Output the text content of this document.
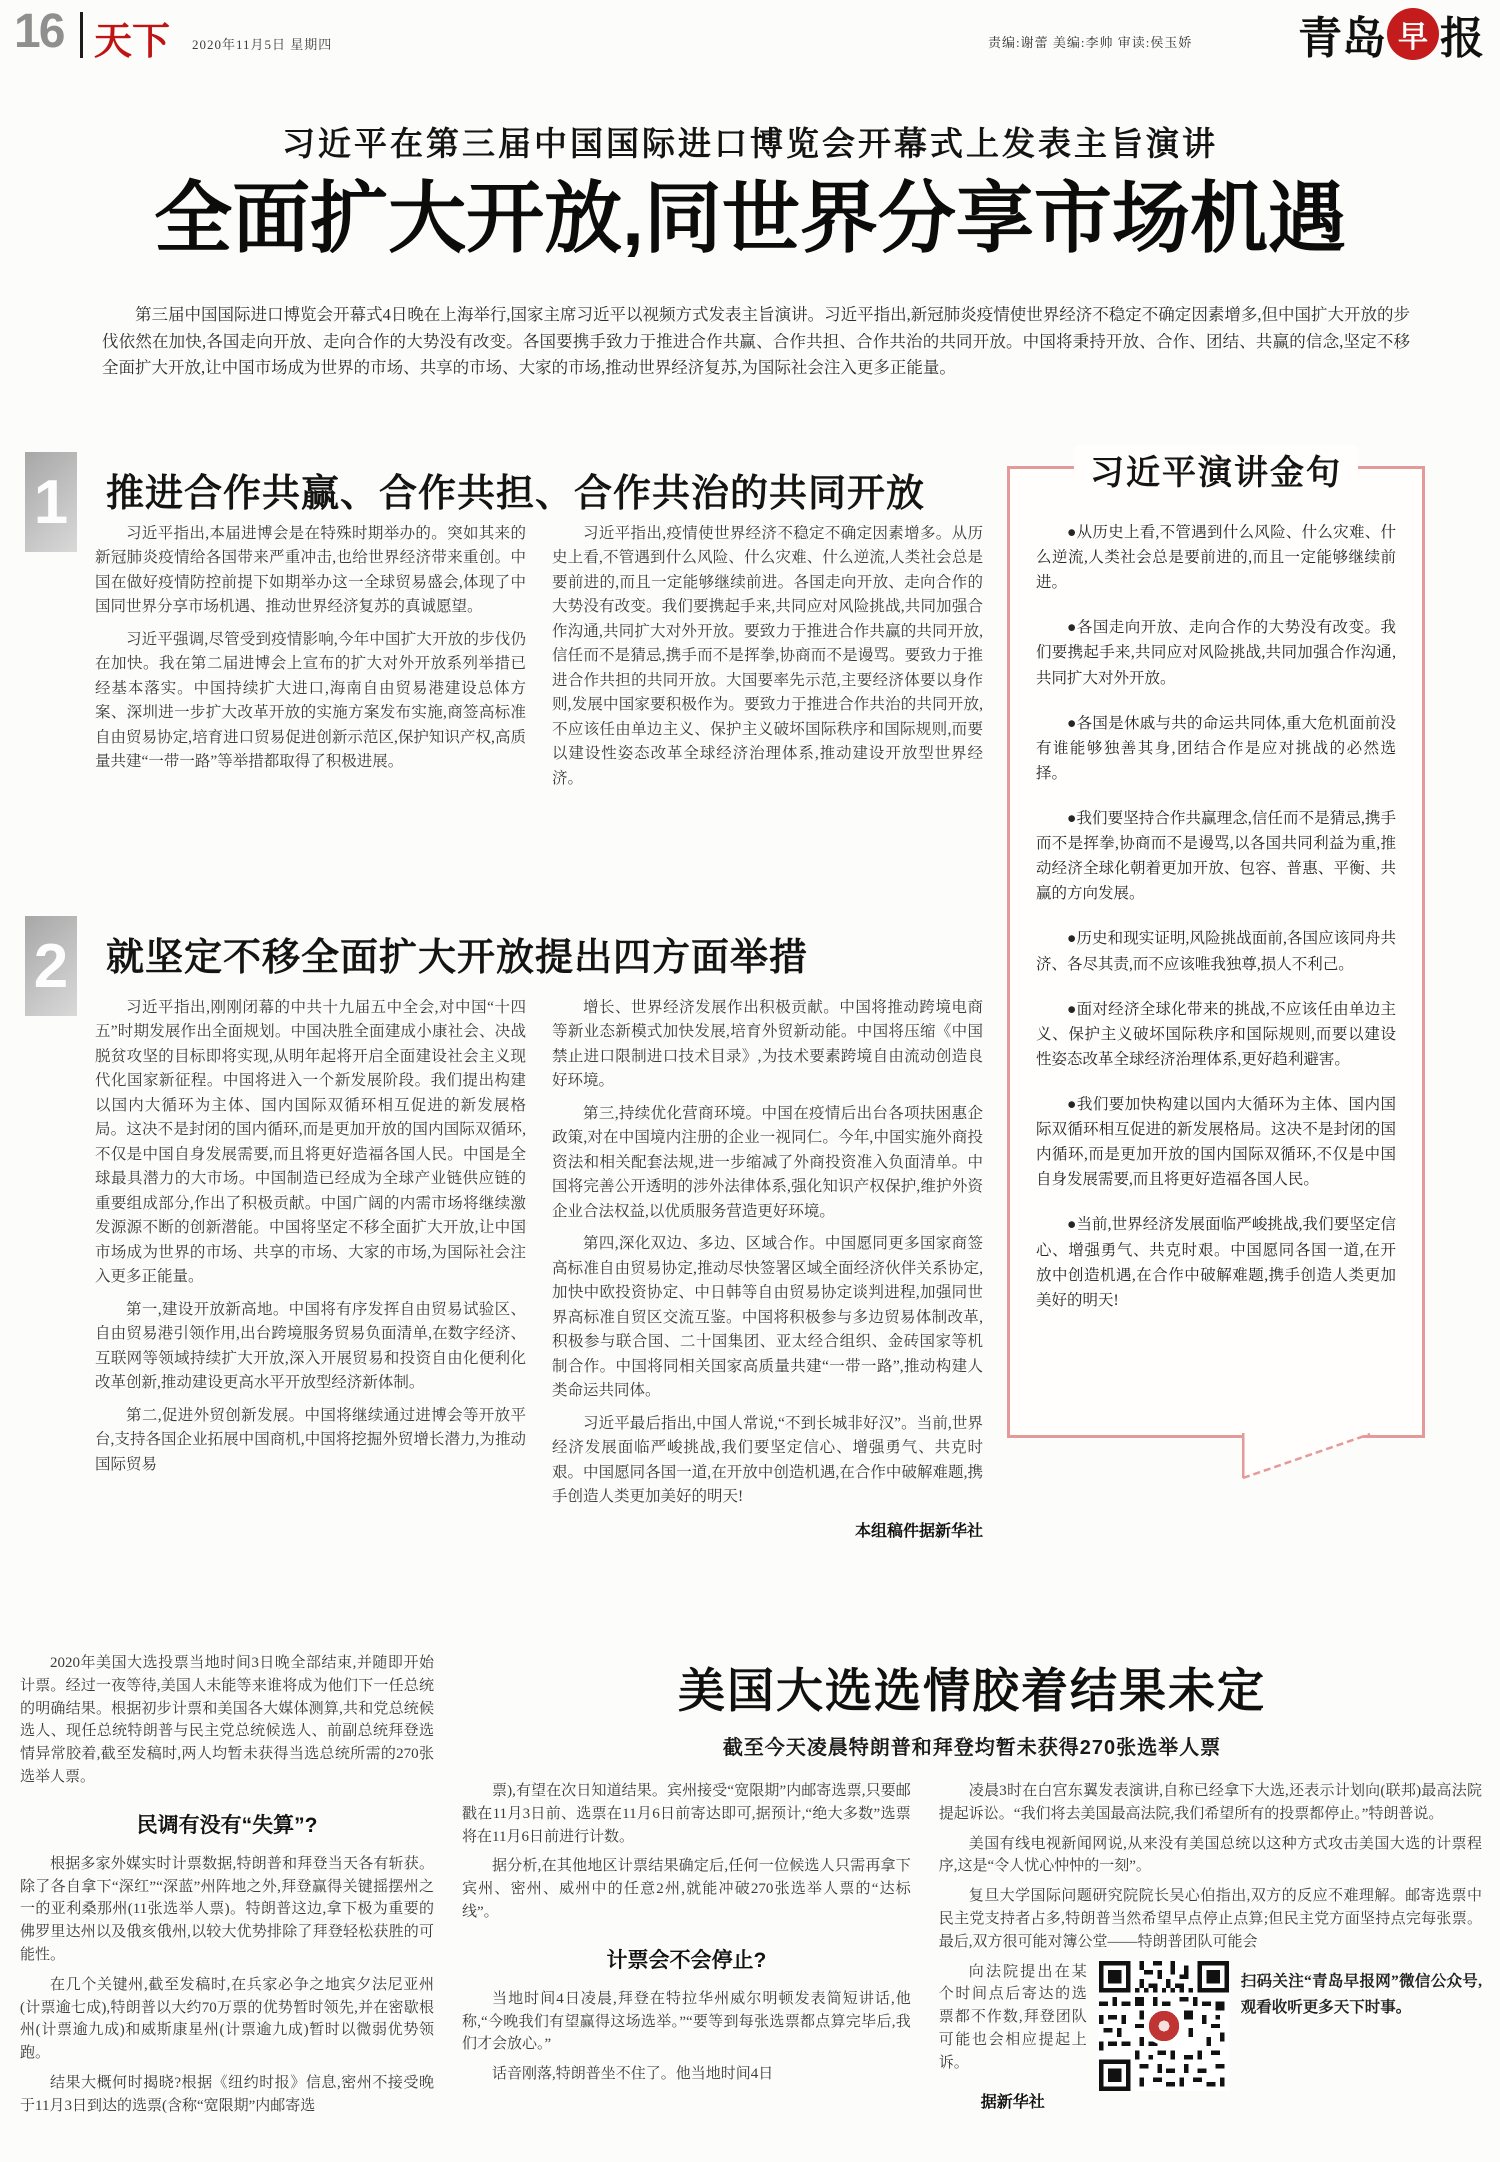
16 天下 2020年11月5日 星期四	责编:谢蕾 美编:李帅 审读:侯玉娇 青岛 早 报
习近平在第三届中国国际进口博览会开幕式上发表主旨演讲
全面扩大开放,同世界分享市场机遇
第三届中国国际进口博览会开幕式4日晚在上海举行,国家主席习近平以视频方式发表主旨演讲。习近平指出,新冠肺炎疫情使世界经济不稳定不确定因素增多,但中国扩大开放的步伐依然在加快,各国走向开放、走向合作的大势没有改变。各国要携手致力于推进合作共赢、合作共担、合作共治的共同开放。中国将秉持开放、合作、团结、共赢的信念,坚定不移全面扩大开放,让中国市场成为世界的市场、共享的市场、大家的市场,推动世界经济复苏,为国际社会注入更多正能量。
1 推进合作共赢、合作共担、合作共治的共同开放

习近平指出,本届进博会是在特殊时期举办的。突如其来的新冠肺炎疫情给各国带来严重冲击,也给世界经济带来重创。中国在做好疫情防控前提下如期举办这一全球贸易盛会,体现了中国同世界分享市场机遇、推动世界经济复苏的真诚愿望。

习近平强调,尽管受到疫情影响,今年中国扩大开放的步伐仍在加快。我在第二届进博会上宣布的扩大对外开放系列举措已经基本落实。中国持续扩大进口,海南自由贸易港建设总体方案、深圳进一步扩大改革开放的实施方案发布实施,商签高标准自由贸易协定,培育进口贸易促进创新示范区,保护知识产权,高质量共建“一带一路”等举措都取得了积极进展。

习近平指出,疫情使世界经济不稳定不确定因素增多。从历史上看,不管遇到什么风险、什么灾难、什么逆流,人类社会总是要前进的,而且一定能够继续前进。各国走向开放、走向合作的大势没有改变。我们要携起手来,共同应对风险挑战,共同加强合作沟通,共同扩大对外开放。要致力于推进合作共赢的共同开放,信任而不是猜忌,携手而不是挥拳,协商而不是谩骂。要致力于推进合作共担的共同开放。大国要率先示范,主要经济体要以身作则,发展中国家要积极作为。要致力于推进合作共治的共同开放,不应该任由单边主义、保护主义破坏国际秩序和国际规则,而要以建设性姿态改革全球经济治理体系,推动建设开放型世界经济。

2 就坚定不移全面扩大开放提出四方面举措

习近平指出,刚刚闭幕的中共十九届五中全会,对中国“十四五”时期发展作出全面规划。中国决胜全面建成小康社会、决战脱贫攻坚的目标即将实现,从明年起将开启全面建设社会主义现代化国家新征程。中国将进入一个新发展阶段。我们提出构建以国内大循环为主体、国内国际双循环相互促进的新发展格局。这决不是封闭的国内循环,而是更加开放的国内国际双循环,不仅是中国自身发展需要,而且将更好造福各国人民。中国是全球最具潜力的大市场。中国制造已经成为全球产业链供应链的重要组成部分,作出了积极贡献。中国广阔的内需市场将继续激发源源不断的创新潜能。中国将坚定不移全面扩大开放,让中国市场成为世界的市场、共享的市场、大家的市场,为国际社会注入更多正能量。

第一,建设开放新高地。中国将有序发挥自由贸易试验区、自由贸易港引领作用,出台跨境服务贸易负面清单,在数字经济、互联网等领域持续扩大开放,深入开展贸易和投资自由化便利化改革创新,推动建设更高水平开放型经济新体制。

第二,促进外贸创新发展。中国将继续通过进博会等开放平台,支持各国企业拓展中国商机,中国将挖掘外贸增长潜力,为推动国际贸易

增长、世界经济发展作出积极贡献。中国将推动跨境电商等新业态新模式加快发展,培育外贸新动能。中国将压缩《中国禁止进口限制进口技术目录》,为技术要素跨境自由流动创造良好环境。

第三,持续优化营商环境。中国在疫情后出台各项扶困惠企政策,对在中国境内注册的企业一视同仁。今年,中国实施外商投资法和相关配套法规,进一步缩减了外商投资准入负面清单。中国将完善公开透明的涉外法律体系,强化知识产权保护,维护外资企业合法权益,以优质服务营造更好环境。

第四,深化双边、多边、区域合作。中国愿同更多国家商签高标准自由贸易协定,推动尽快签署区域全面经济伙伴关系协定,加快中欧投资协定、中日韩等自由贸易协定谈判进程,加强同世界高标准自贸区交流互鉴。中国将积极参与多边贸易体制改革,积极参与联合国、二十国集团、亚太经合组织、金砖国家等机制合作。中国将同相关国家高质量共建“一带一路”,推动构建人类命运共同体。

习近平最后指出,中国人常说,“不到长城非好汉”。当前,世界经济发展面临严峻挑战,我们要坚定信心、增强勇气、共克时艰。中国愿同各国一道,在开放中创造机遇,在合作中破解难题,携手创造人类更加美好的明天!

本组稿件据新华社
习近平演讲金句

●从历史上看,不管遇到什么风险、什么灾难、什么逆流,人类社会总是要前进的,而且一定能够继续前进。

●各国走向开放、走向合作的大势没有改变。我们要携起手来,共同应对风险挑战,共同加强合作沟通,共同扩大对外开放。

●各国是休戚与共的命运共同体,重大危机面前没有谁能够独善其身,团结合作是应对挑战的必然选择。

●我们要坚持合作共赢理念,信任而不是猜忌,携手而不是挥拳,协商而不是谩骂,以各国共同利益为重,推动经济全球化朝着更加开放、包容、普惠、平衡、共赢的方向发展。

●历史和现实证明,风险挑战面前,各国应该同舟共济、各尽其责,而不应该唯我独尊,损人不利己。

●面对经济全球化带来的挑战,不应该任由单边主义、保护主义破坏国际秩序和国际规则,而要以建设性姿态改革全球经济治理体系,更好趋利避害。

●我们要加快构建以国内大循环为主体、国内国际双循环相互促进的新发展格局。这决不是封闭的国内循环,而是更加开放的国内国际双循环,不仅是中国自身发展需要,而且将更好造福各国人民。

●当前,世界经济发展面临严峻挑战,我们要坚定信心、增强勇气、共克时艰。中国愿同各国一道,在开放中创造机遇,在合作中破解难题,携手创造人类更加美好的明天!

2020年美国大选投票当地时间3日晚全部结束,并随即开始计票。经过一夜等待,美国人未能等来谁将成为他们下一任总统的明确结果。根据初步计票和美国各大媒体测算,共和党总统候选人、现任总统特朗普与民主党总统候选人、前副总统拜登选情异常胶着,截至发稿时,两人均暂未获得当选总统所需的270张选举人票。

民调有没有“失算”?

根据多家外媒实时计票数据,特朗普和拜登当天各有斩获。除了各自拿下“深红”“深蓝”州阵地之外,拜登赢得关键摇摆州之一的亚利桑那州(11张选举人票)。特朗普这边,拿下极为重要的佛罗里达州以及俄亥俄州,以较大优势排除了拜登轻松获胜的可能性。

在几个关键州,截至发稿时,在兵家必争之地宾夕法尼亚州(计票逾七成),特朗普以大约70万票的优势暂时领先,并在密歇根州(计票逾九成)和威斯康星州(计票逾九成)暂时以微弱优势领跑。

结果大概何时揭晓?根据《纽约时报》信息,密州不接受晚于11月3日到达的选票(含称“宽限期”内邮寄选

美国大选选情胶着结果未定
截至今天凌晨特朗普和拜登均暂未获得270张选举人票

票),有望在次日知道结果。宾州接受“宽限期”内邮寄选票,只要邮戳在11月3日前、选票在11月6日前寄达即可,据预计,“绝大多数”选票将在11月6日前进行计数。

据分析,在其他地区计票结果确定后,任何一位候选人只需再拿下宾州、密州、威州中的任意2州,就能冲破270张选举人票的“达标线”。

计票会不会停止?

当地时间4日凌晨,拜登在特拉华州威尔明顿发表简短讲话,他称,“今晚我们有望赢得这场选举。”“要等到每张选票都点算完毕后,我们才会放心。”

话音刚落,特朗普坐不住了。他当地时间4日

凌晨3时在白宫东翼发表演讲,自称已经拿下大选,还表示计划向(联邦)最高法院提起诉讼。“我们将去美国最高法院,我们希望所有的投票都停止。”特朗普说。

美国有线电视新闻网说,从来没有美国总统以这种方式攻击美国大选的计票程序,这是“令人忧心忡忡的一刻”。

复旦大学国际问题研究院院长吴心伯指出,双方的反应不难理解。邮寄选票中民主党支持者占多,特朗普当然希望早点停止点算;但民主党方面坚持点完每张票。最后,双方很可能对簿公堂——特朗普团队可能会

向法院提出在某个时间点后寄达的选票都不作数,拜登团队可能也会相应提起上诉。

据新华社
扫码关注“青岛早报网”微信公众号,观看收听更多天下时事。
